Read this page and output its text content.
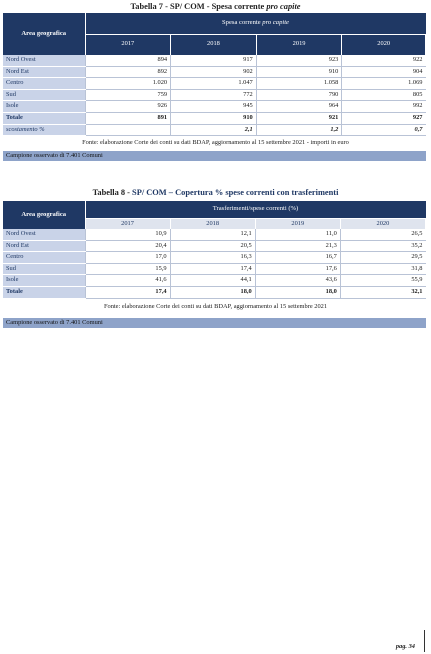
Tabella 7 - SP/ COM - Spesa corrente pro capite
Area geografica	Spesa corrente pro capite			
	2017	2018	2019	2020
Nord Ovest	894	917	923	922
Nord Est	892	902	910	904
Centro	1.020	1.047	1.058	1.069
Sud	759	772	790	805
Isole	926	945	964	992
Totale	891	910	921	927
scostamento %		2,1	1,2	0,7
Fonte: elaborazione Corte dei conti su dati BDAP, aggiornamento al 15 settembre 2021 - importi in euro
Campione osservato di 7.401 Comuni
Tabella 8 - SP/ COM – Copertura % spese correnti con trasferimenti
Area geografica	Trasferimenti/spese correnti (%)			
	2017	2018	2019	2020
Nord Ovest	10,9	12,1	11,0	26,5
Nord Est	20,4	20,5	21,3	35,2
Centro	17,0	16,3	16,7	29,5
Sud	15,9	17,4	17,6	31,8
Isole	41,6	44,1	43,6	55,9
Totale	17,4	18,0	18,0	32,1
Fonte: elaborazione Corte dei conti su dati BDAP, aggiornamento al 15 settembre 2021
Campione osservato di 7.401 Comuni
pag. 34
